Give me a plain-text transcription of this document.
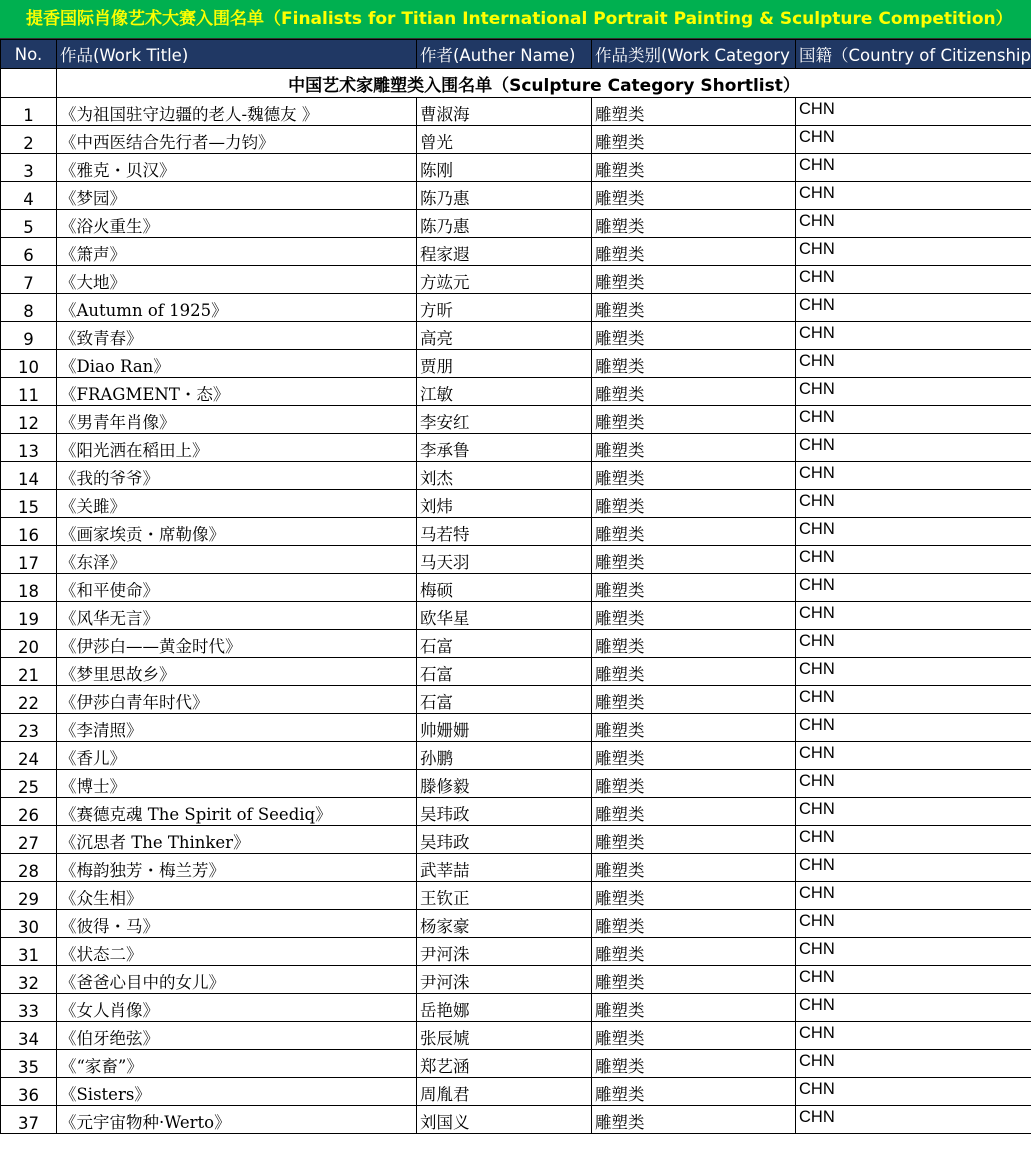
提香国际肖像艺术大赛入围名单（Finalists for Titian International Portrait Painting & Sculpture Competition）
No.	作品(Work Title)	作者(Auther Name)	作品类别(Work Category	国籍（Country of Citizenship
	中国艺术家雕塑类入围名单（Sculpture Category Shortlist）			
1	《为祖国驻守边疆的老人-魏德友 》	曹淑海	雕塑类	CHN
2	《中西医结合先行者—力钧》	曾光	雕塑类	CHN
3	《雅克・贝汉》	陈刚	雕塑类	CHN
4	《梦园》	陈乃惠	雕塑类	CHN
5	《浴火重生》	陈乃惠	雕塑类	CHN
6	《箫声》	程家遐	雕塑类	CHN
7	《大地》	方竑元	雕塑类	CHN
8	《Autumn of 1925》	方昕	雕塑类	CHN
9	《致青春》	高亮	雕塑类	CHN
10	《Diao Ran》	贾朋	雕塑类	CHN
11	《FRAGMENT・态》	江敏	雕塑类	CHN
12	《男青年肖像》	李安红	雕塑类	CHN
13	《阳光洒在稻田上》	李承鲁	雕塑类	CHN
14	《我的爷爷》	刘杰	雕塑类	CHN
15	《关雎》	刘炜	雕塑类	CHN
16	《画家埃贡・席勒像》	马若特	雕塑类	CHN
17	《东泽》	马天羽	雕塑类	CHN
18	《和平使命》	梅硕	雕塑类	CHN
19	《风华无言》	欧华星	雕塑类	CHN
20	《伊莎白——黄金时代》	石富	雕塑类	CHN
21	《梦里思故乡》	石富	雕塑类	CHN
22	《伊莎白青年时代》	石富	雕塑类	CHN
23	《李清照》	帅姗姗	雕塑类	CHN
24	《香儿》	孙鹏	雕塑类	CHN
25	《博士》	滕修毅	雕塑类	CHN
26	《赛德克魂 The Spirit of Seediq》	吴玮政	雕塑类	CHN
27	《沉思者 The Thinker》	吴玮政	雕塑类	CHN
28	《梅韵独芳・梅兰芳》	武莘喆	雕塑类	CHN
29	《众生相》	王钦正	雕塑类	CHN
30	《彼得・马》	杨家豪	雕塑类	CHN
31	《状态二》	尹河洙	雕塑类	CHN
32	《爸爸心目中的女儿》	尹河洙	雕塑类	CHN
33	《女人肖像》	岳艳娜	雕塑类	CHN
34	《伯牙绝弦》	张辰虓	雕塑类	CHN
35	《“家畜”》	郑艺涵	雕塑类	CHN
36	《Sisters》	周胤君	雕塑类	CHN
37	《元宇宙物种·Werto》	刘国义	雕塑类	CHN
